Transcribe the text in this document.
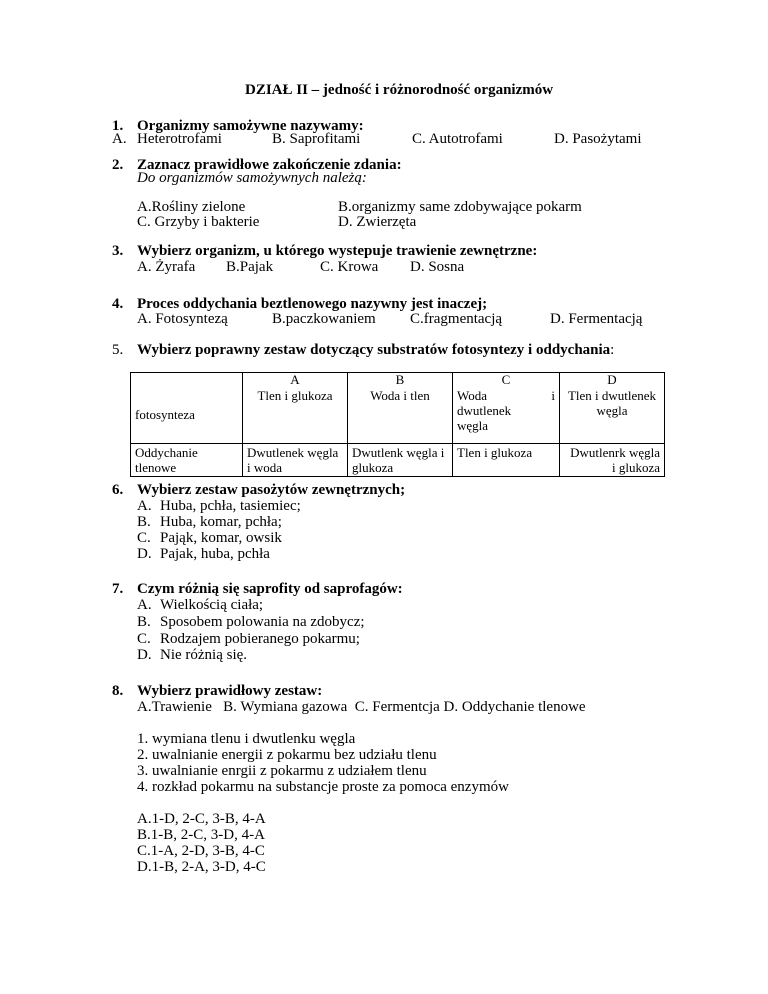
DZIAŁ II – jedność i różnorodność organizmów
1. Organizmy samożywne nazywamy:
A. Heterotrofami	B. Saprofitami	C. Autotrofami	D. Pasożytami
2. Zaznacz prawidłowe zakończenie zdania:
Do organizmów samożywnych należą:
A.Rośliny zielone	B.organizmy same zdobywające pokarm
C. Grzyby i bakterie	D. Zwierzęta
3. Wybierz organizm, u którego wystepuje trawienie zewnętrzne:
A. Żyrafa B.Pajak	C. Krowa D. Sosna
4. Proces oddychania beztlenowego nazywny jest inaczej;
A. Fotosyntezą	B.paczkowaniem C.fragmentacją	D. Fermentacją
5. Wybierz poprawny zestaw dotyczący substratów fotosyntezy i oddychania:
	A	B	C	D
fotosynteza	Tlen i glukoza	Woda i tlen	Woda i
dwutlenek
węgla	Tlen i dwutlenek węgla
Oddychanie tlenowe	Dwutlenek węgla i woda	Dwutlenk węgla i glukoza	Tlen i glukoza	Dwutlenrk węgla i glukoza
6. Wybierz zestaw pasożytów zewnętrznych;
A. Huba, pchła, tasiemiec;
B. Huba, komar, pchła;
C. Pająk, komar, owsik
D. Pajak, huba, pchła
7. Czym różnią się saprofity od saprofagów:
A. Wielkością ciała;
B. Sposobem polowania na zdobycz;
C. Rodzajem pobieranego pokarmu;
D. Nie różnią się.
8. Wybierz prawidłowy zestaw:
A.Trawienie   B. Wymiana gazowa  C. Fermentcja D. Oddychanie tlenowe
1. wymiana tlenu i dwutlenku węgla
2. uwalnianie energii z pokarmu bez udziału tlenu
3. uwalnianie enrgii z pokarmu z udziałem tlenu
4. rozkład pokarmu na substancje proste za pomoca enzymów
A.1-D, 2-C, 3-B, 4-A
B.1-B, 2-C, 3-D, 4-A
C.1-A, 2-D, 3-B, 4-C
D.1-B, 2-A, 3-D, 4-C
